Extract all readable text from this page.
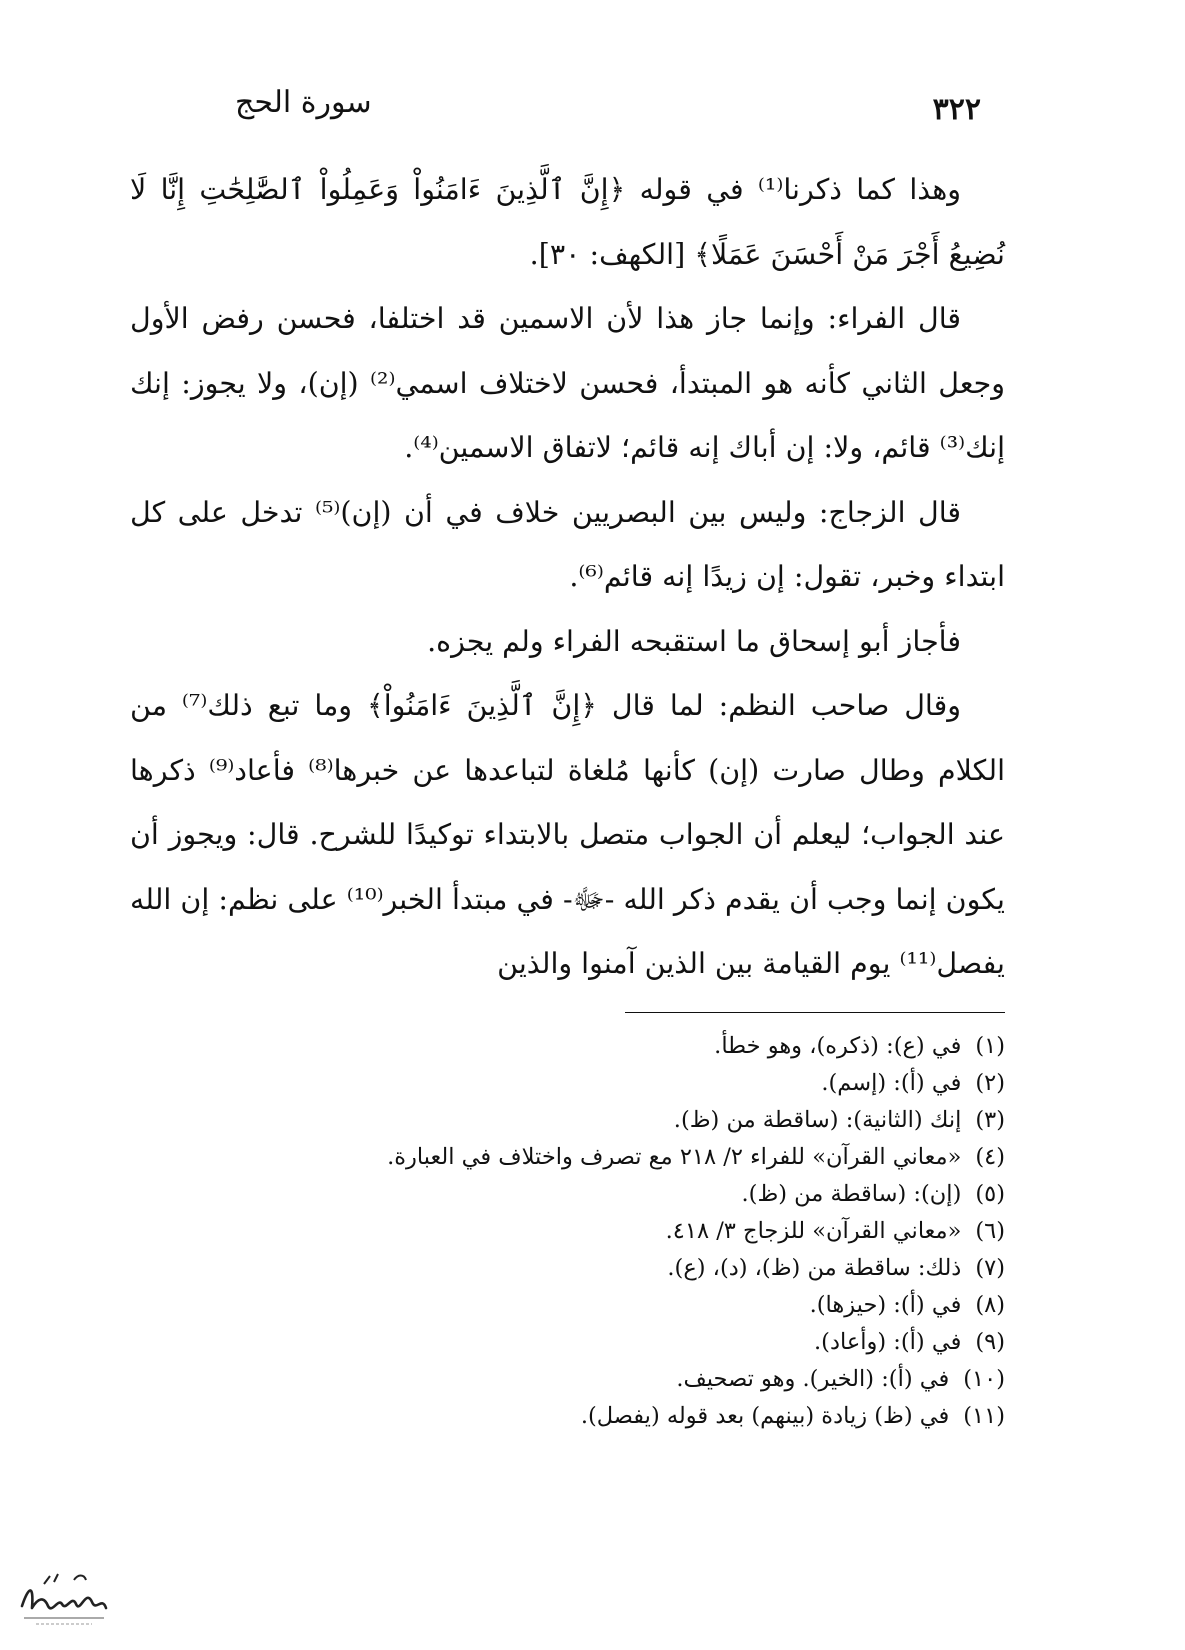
٣٢٢
سورة الحج

وهذا كما ذكرنا⁽¹⁾ في قوله ﴿إِنَّ ٱلَّذِينَ ءَامَنُواْ وَعَمِلُواْ ٱلصَّٰلِحَٰتِ إِنَّا لَا نُضِيعُ أَجْرَ مَنْ أَحْسَنَ عَمَلًا﴾ [الكهف: ٣٠].

قال الفراء: وإنما جاز هذا لأن الاسمين قد اختلفا، فحسن رفض الأول وجعل الثاني كأنه هو المبتدأ، فحسن لاختلاف اسمي⁽²⁾ (إن)، ولا يجوز: إنك إنك⁽³⁾ قائم، ولا: إن أباك إنه قائم؛ لاتفاق الاسمين⁽⁴⁾.

قال الزجاج: وليس بين البصريين خلاف في أن (إن)⁽⁵⁾ تدخل على كل ابتداء وخبر، تقول: إن زيدًا إنه قائم⁽⁶⁾.

فأجاز أبو إسحاق ما استقبحه الفراء ولم يجزه.

وقال صاحب النظم: لما قال ﴿إِنَّ ٱلَّذِينَ ءَامَنُواْ﴾ وما تبع ذلك⁽⁷⁾ من الكلام وطال صارت (إن) كأنها مُلغاة لتباعدها عن خبرها⁽⁸⁾ فأعاد⁽⁹⁾ ذكرها عند الجواب؛ ليعلم أن الجواب متصل بالابتداء توكيدًا للشرح. قال: ويجوز أن يكون إنما وجب أن يقدم ذكر الله -ﷻ- في مبتدأ الخبر⁽¹⁰⁾ على نظم: إن الله يفصل⁽¹¹⁾ يوم القيامة بين الذين آمنوا والذين

(١)في (ع): (ذكره)، وهو خطأ.

(٢)في (أ): (إسم).

(٣)إنك (الثانية): (ساقطة من (ظ).

(٤)«معاني القرآن» للفراء ٢/ ٢١٨ مع تصرف واختلاف في العبارة.

(٥)(إن): (ساقطة من (ظ).

(٦)«معاني القرآن» للزجاج ٣/ ٤١٨.

(٧)ذلك: ساقطة من (ظ)، (د)، (ع).

(٨)في (أ): (حيزها).

(٩)في (أ): (وأعاد).

(١٠)في (أ): (الخير). وهو تصحيف.

(١١)في (ظ) زيادة (بينهم) بعد قوله (يفصل).
